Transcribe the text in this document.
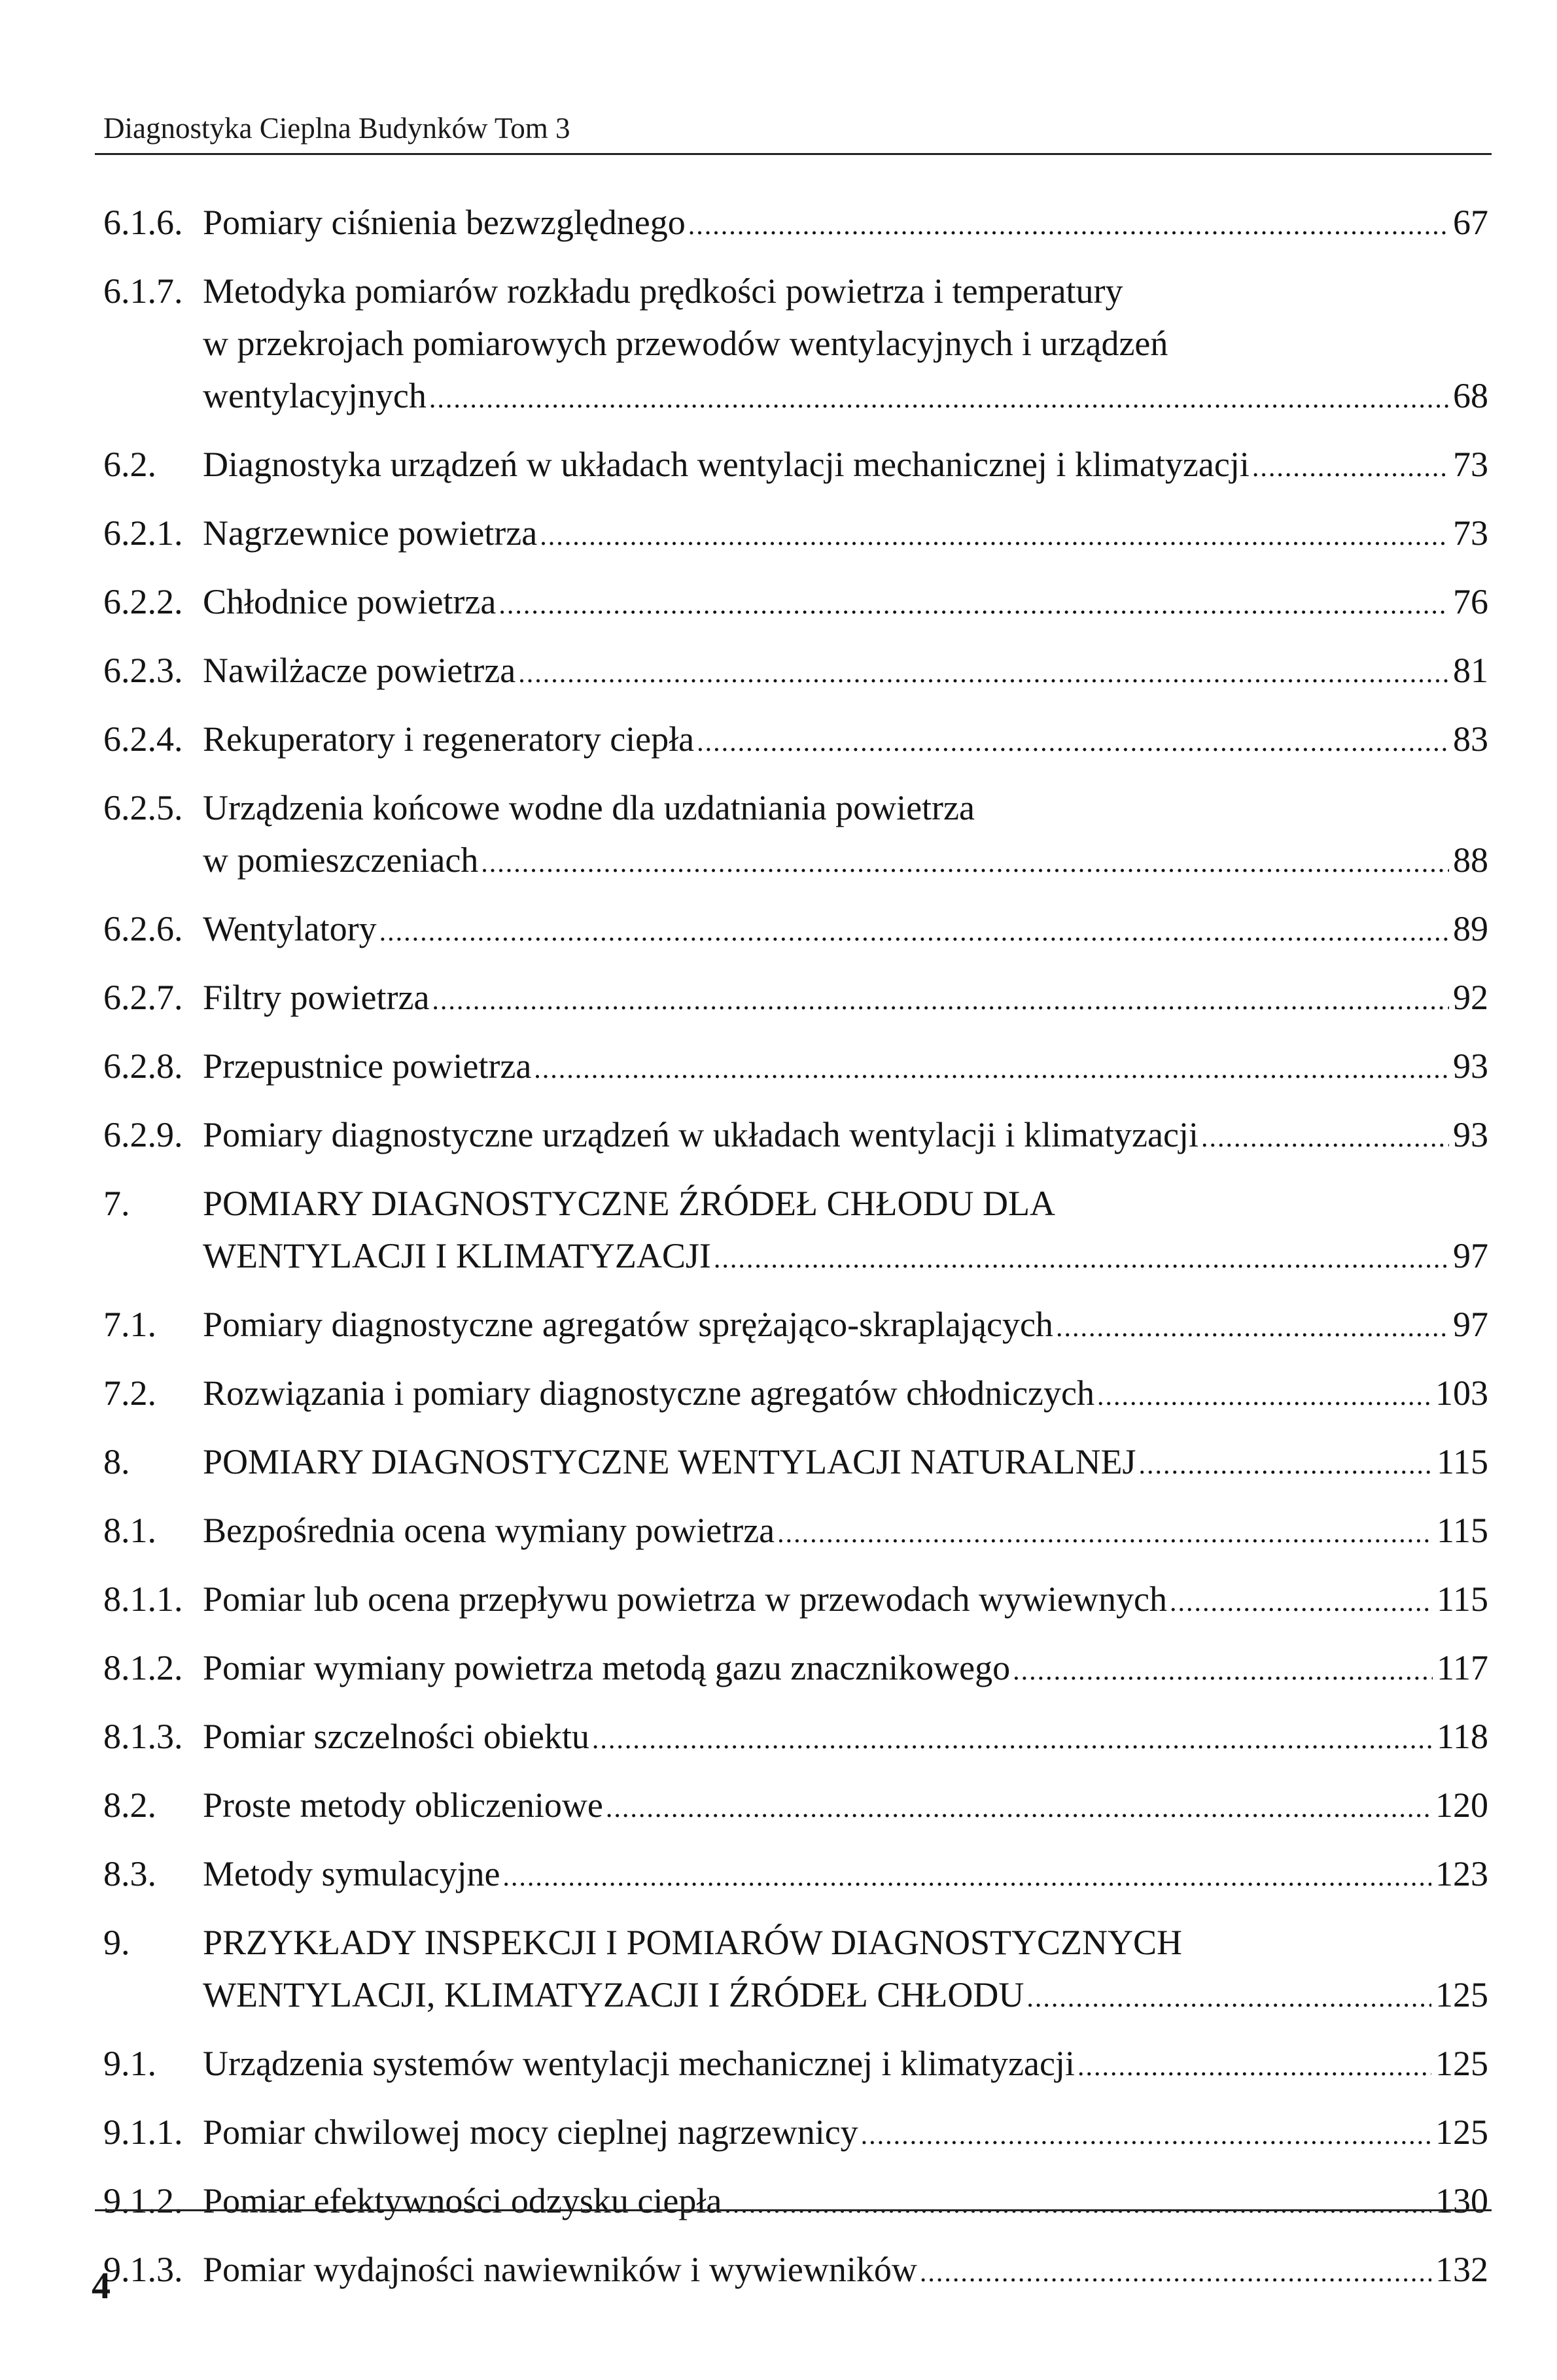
Diagnostyka Cieplna Budynków Tom 3
6.1.6. Pomiary ciśnienia bezwzględnego .....	67
6.1.7. Metodyka pomiarów rozkładu prędkości powietrza i temperatury
w przekrojach pomiarowych przewodów wentylacyjnych i urządzeń
wentylacyjnych .....	68
6.2. Diagnostyka urządzeń w układach wentylacji mechanicznej i klimatyzacji .....	73
6.2.1. Nagrzewnice powietrza .....	73
6.2.2. Chłodnice powietrza .....	76
6.2.3. Nawilżacze powietrza .....	81
6.2.4. Rekuperatory i regeneratory ciepła .....	83
6.2.5. Urządzenia końcowe wodne dla uzdatniania powietrza
w pomieszczeniach .....	88
6.2.6. Wentylatory .....	89
6.2.7. Filtry powietrza .....	92
6.2.8. Przepustnice powietrza .....	93
6.2.9. Pomiary diagnostyczne urządzeń w układach wentylacji i klimatyzacji .....	93
7. POMIARY DIAGNOSTYCZNE ŹRÓDEŁ CHŁODU DLA
WENTYLACJI I KLIMATYZACJI .....	97
7.1. Pomiary diagnostyczne agregatów sprężająco-skraplających .....	97
7.2. Rozwiązania i pomiary diagnostyczne agregatów chłodniczych .....	103
8. POMIARY DIAGNOSTYCZNE WENTYLACJI NATURALNEJ .....	115
8.1. Bezpośrednia ocena wymiany powietrza .....	115
8.1.1. Pomiar lub ocena przepływu powietrza w przewodach wywiewnych .....	115
8.1.2. Pomiar wymiany powietrza metodą gazu znacznikowego .....	117
8.1.3. Pomiar szczelności obiektu .....	118
8.2. Proste metody obliczeniowe .....	120
8.3. Metody symulacyjne .....	123
9. PRZYKŁADY INSPEKCJI I POMIARÓW DIAGNOSTYCZNYCH
WENTYLACJI, KLIMATYZACJI I ŹRÓDEŁ CHŁODU .....	125
9.1. Urządzenia systemów wentylacji mechanicznej i klimatyzacji .....	125
9.1.1. Pomiar chwilowej mocy cieplnej nagrzewnicy .....	125
9.1.2. Pomiar efektywności odzysku ciepła .....	130
9.1.3. Pomiar wydajności nawiewników i wywiewników .....	132
4
